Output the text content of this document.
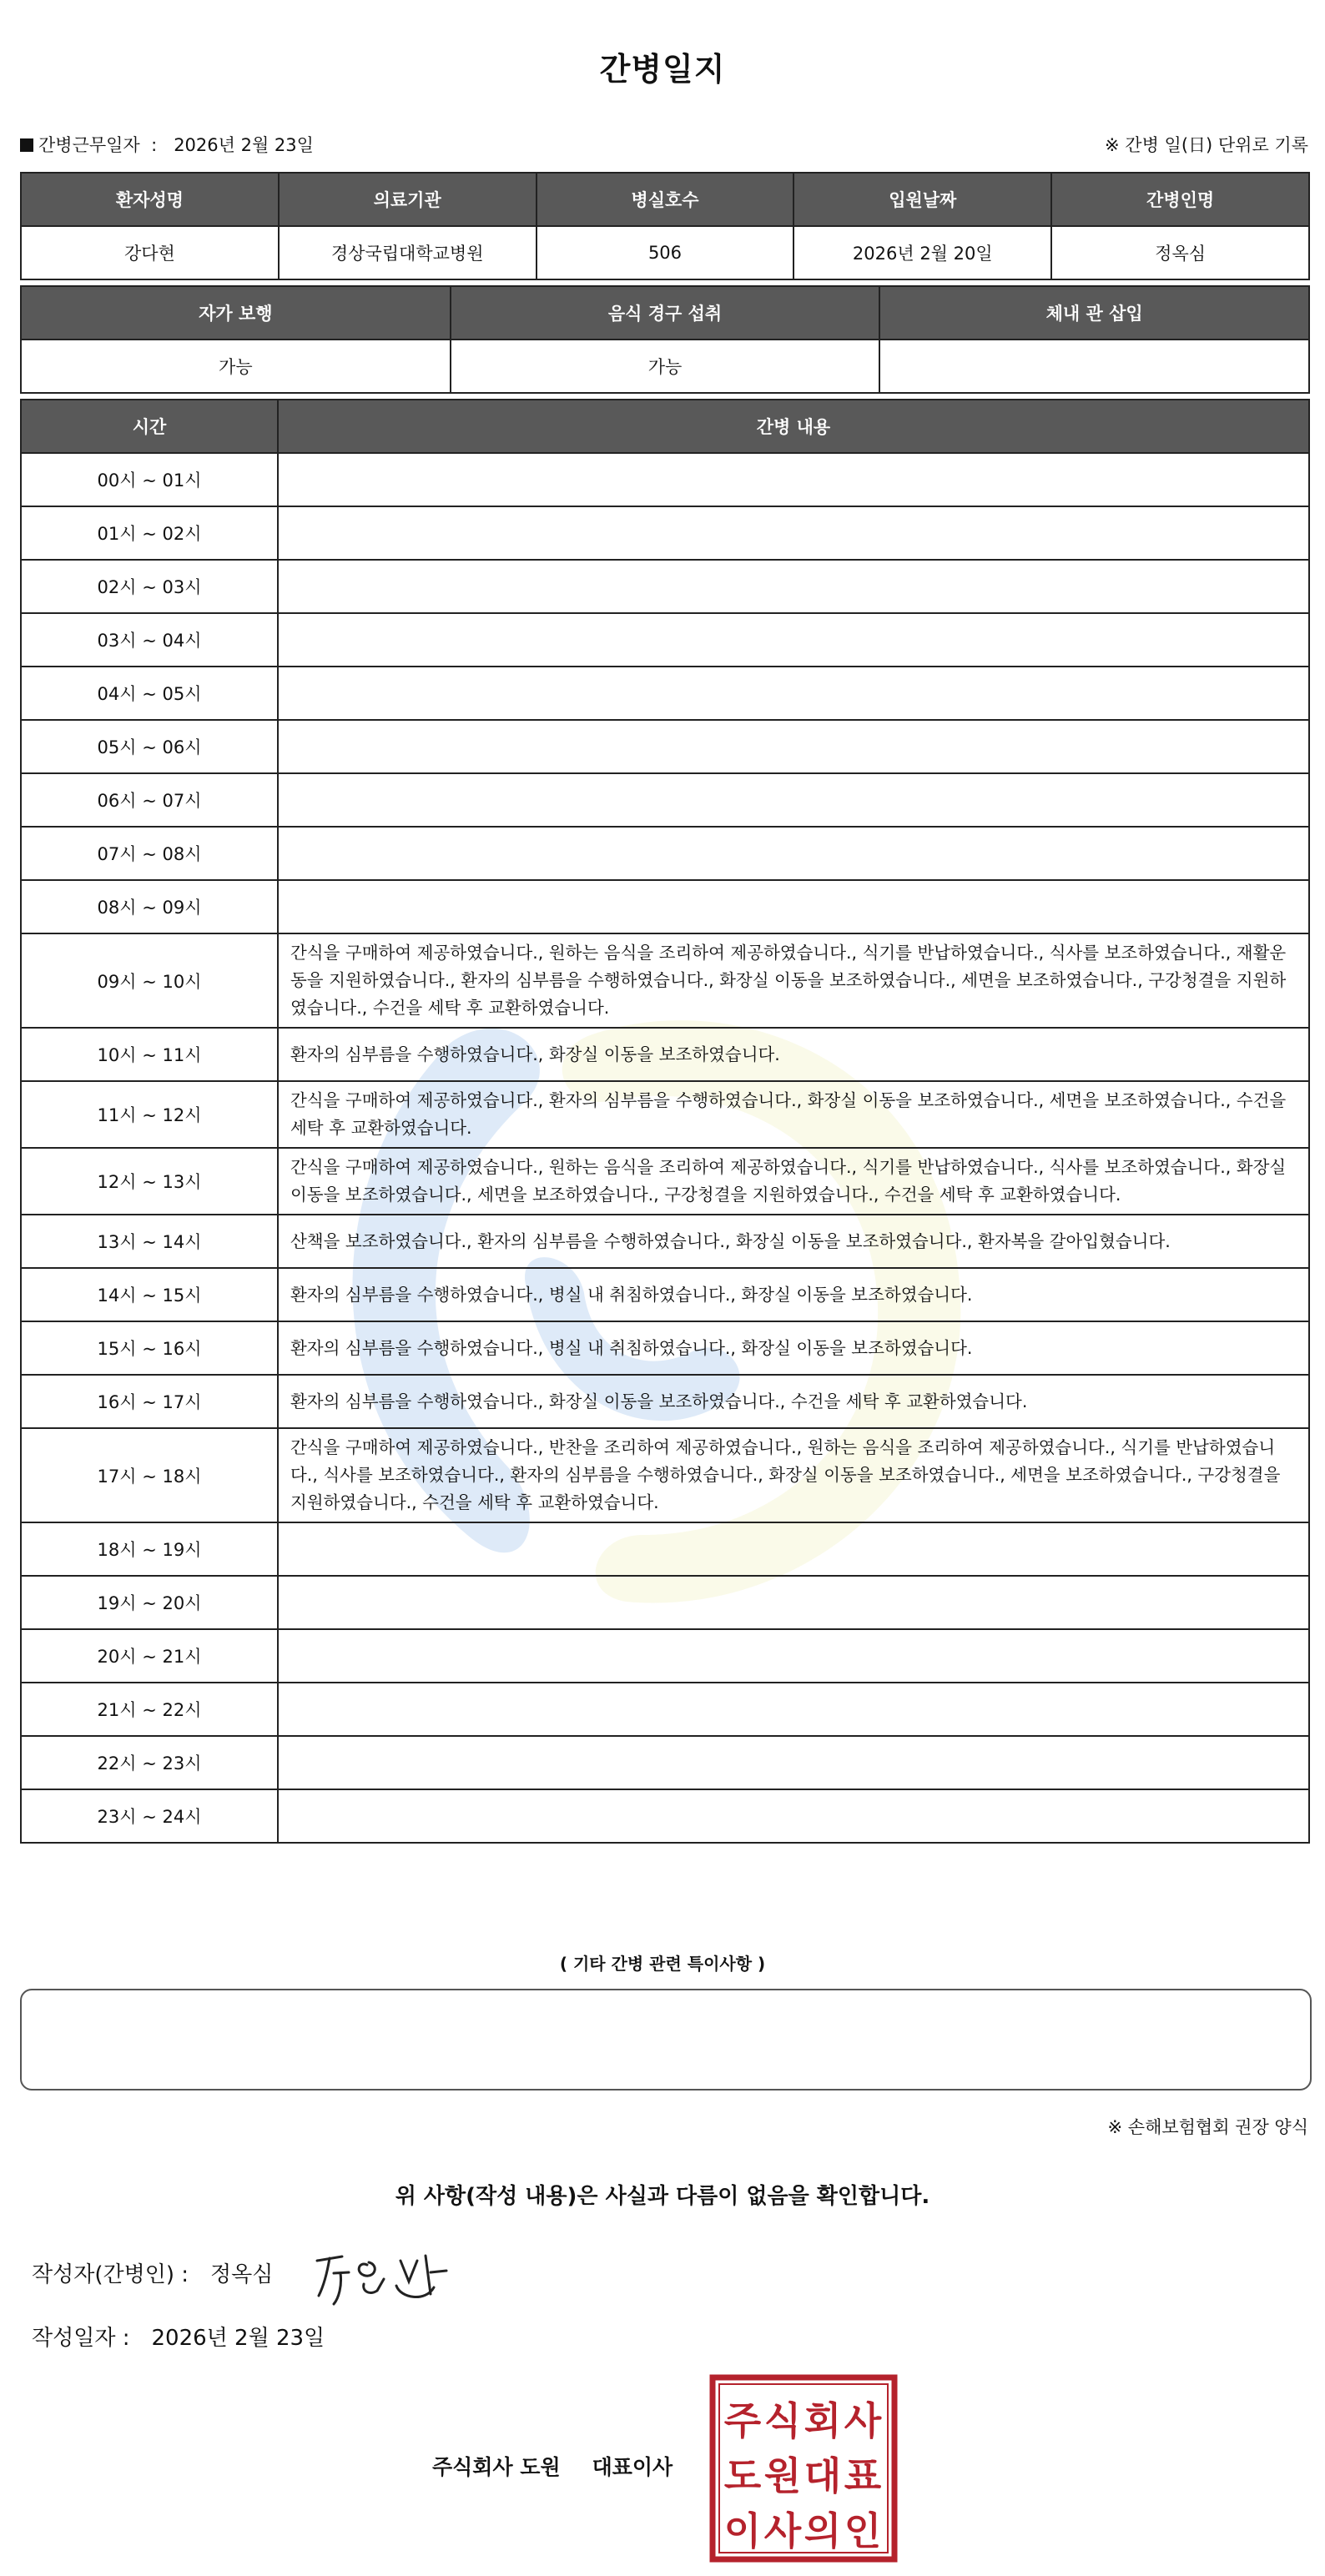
간병일지
간병근무일자 : 2026년 2월 23일	※ 간병 일(日) 단위로 기록
환자성명	의료기관	병실호수	입원날짜	간병인명
강다현	경상국립대학교병원	506	2026년 2월 20일	정옥심
자가 보행	음식 경구 섭취	체내 관 삽입
가능	가능	
시간	간병 내용
00시 ~ 01시	
01시 ~ 02시	
02시 ~ 03시	
03시 ~ 04시	
04시 ~ 05시	
05시 ~ 06시	
06시 ~ 07시	
07시 ~ 08시	
08시 ~ 09시	
09시 ~ 10시	간식을 구매하여 제공하였습니다., 원하는 음식을 조리하여 제공하였습니다., 식기를 반납하였습니다., 식사를 보조하였습니다., 재활운동을 지원하였습니다., 환자의 심부름을 수행하였습니다., 화장실 이동을 보조하였습니다., 세면을 보조하였습니다., 구강청결을 지원하였습니다., 수건을 세탁 후 교환하였습니다.
10시 ~ 11시	환자의 심부름을 수행하였습니다., 화장실 이동을 보조하였습니다.
11시 ~ 12시	간식을 구매하여 제공하였습니다., 환자의 심부름을 수행하였습니다., 화장실 이동을 보조하였습니다., 세면을 보조하였습니다., 수건을 세탁 후 교환하였습니다.
12시 ~ 13시	간식을 구매하여 제공하였습니다., 원하는 음식을 조리하여 제공하였습니다., 식기를 반납하였습니다., 식사를 보조하였습니다., 화장실 이동을 보조하였습니다., 세면을 보조하였습니다., 구강청결을 지원하였습니다., 수건을 세탁 후 교환하였습니다.
13시 ~ 14시	산책을 보조하였습니다., 환자의 심부름을 수행하였습니다., 화장실 이동을 보조하였습니다., 환자복을 갈아입혔습니다.
14시 ~ 15시	환자의 심부름을 수행하였습니다., 병실 내 취침하였습니다., 화장실 이동을 보조하였습니다.
15시 ~ 16시	환자의 심부름을 수행하였습니다., 병실 내 취침하였습니다., 화장실 이동을 보조하였습니다.
16시 ~ 17시	환자의 심부름을 수행하였습니다., 화장실 이동을 보조하였습니다., 수건을 세탁 후 교환하였습니다.
17시 ~ 18시	간식을 구매하여 제공하였습니다., 반찬을 조리하여 제공하였습니다., 원하는 음식을 조리하여 제공하였습니다., 식기를 반납하였습니다., 식사를 보조하였습니다., 환자의 심부름을 수행하였습니다., 화장실 이동을 보조하였습니다., 세면을 보조하였습니다., 구강청결을 지원하였습니다., 수건을 세탁 후 교환하였습니다.
18시 ~ 19시	
19시 ~ 20시	
20시 ~ 21시	
21시 ~ 22시	
22시 ~ 23시	
23시 ~ 24시	
( 기타 간병 관련 특이사항 )
※ 손해보험협회 권장 양식
위 사항(작성 내용)은 사실과 다름이 없음을 확인합니다.
작성자(간병인) : 정옥심
작성일자 : 2026년 2월 23일
주식회사 도원 대표이사
주 식 회 사
도 원 대 표
이 사 의 인
